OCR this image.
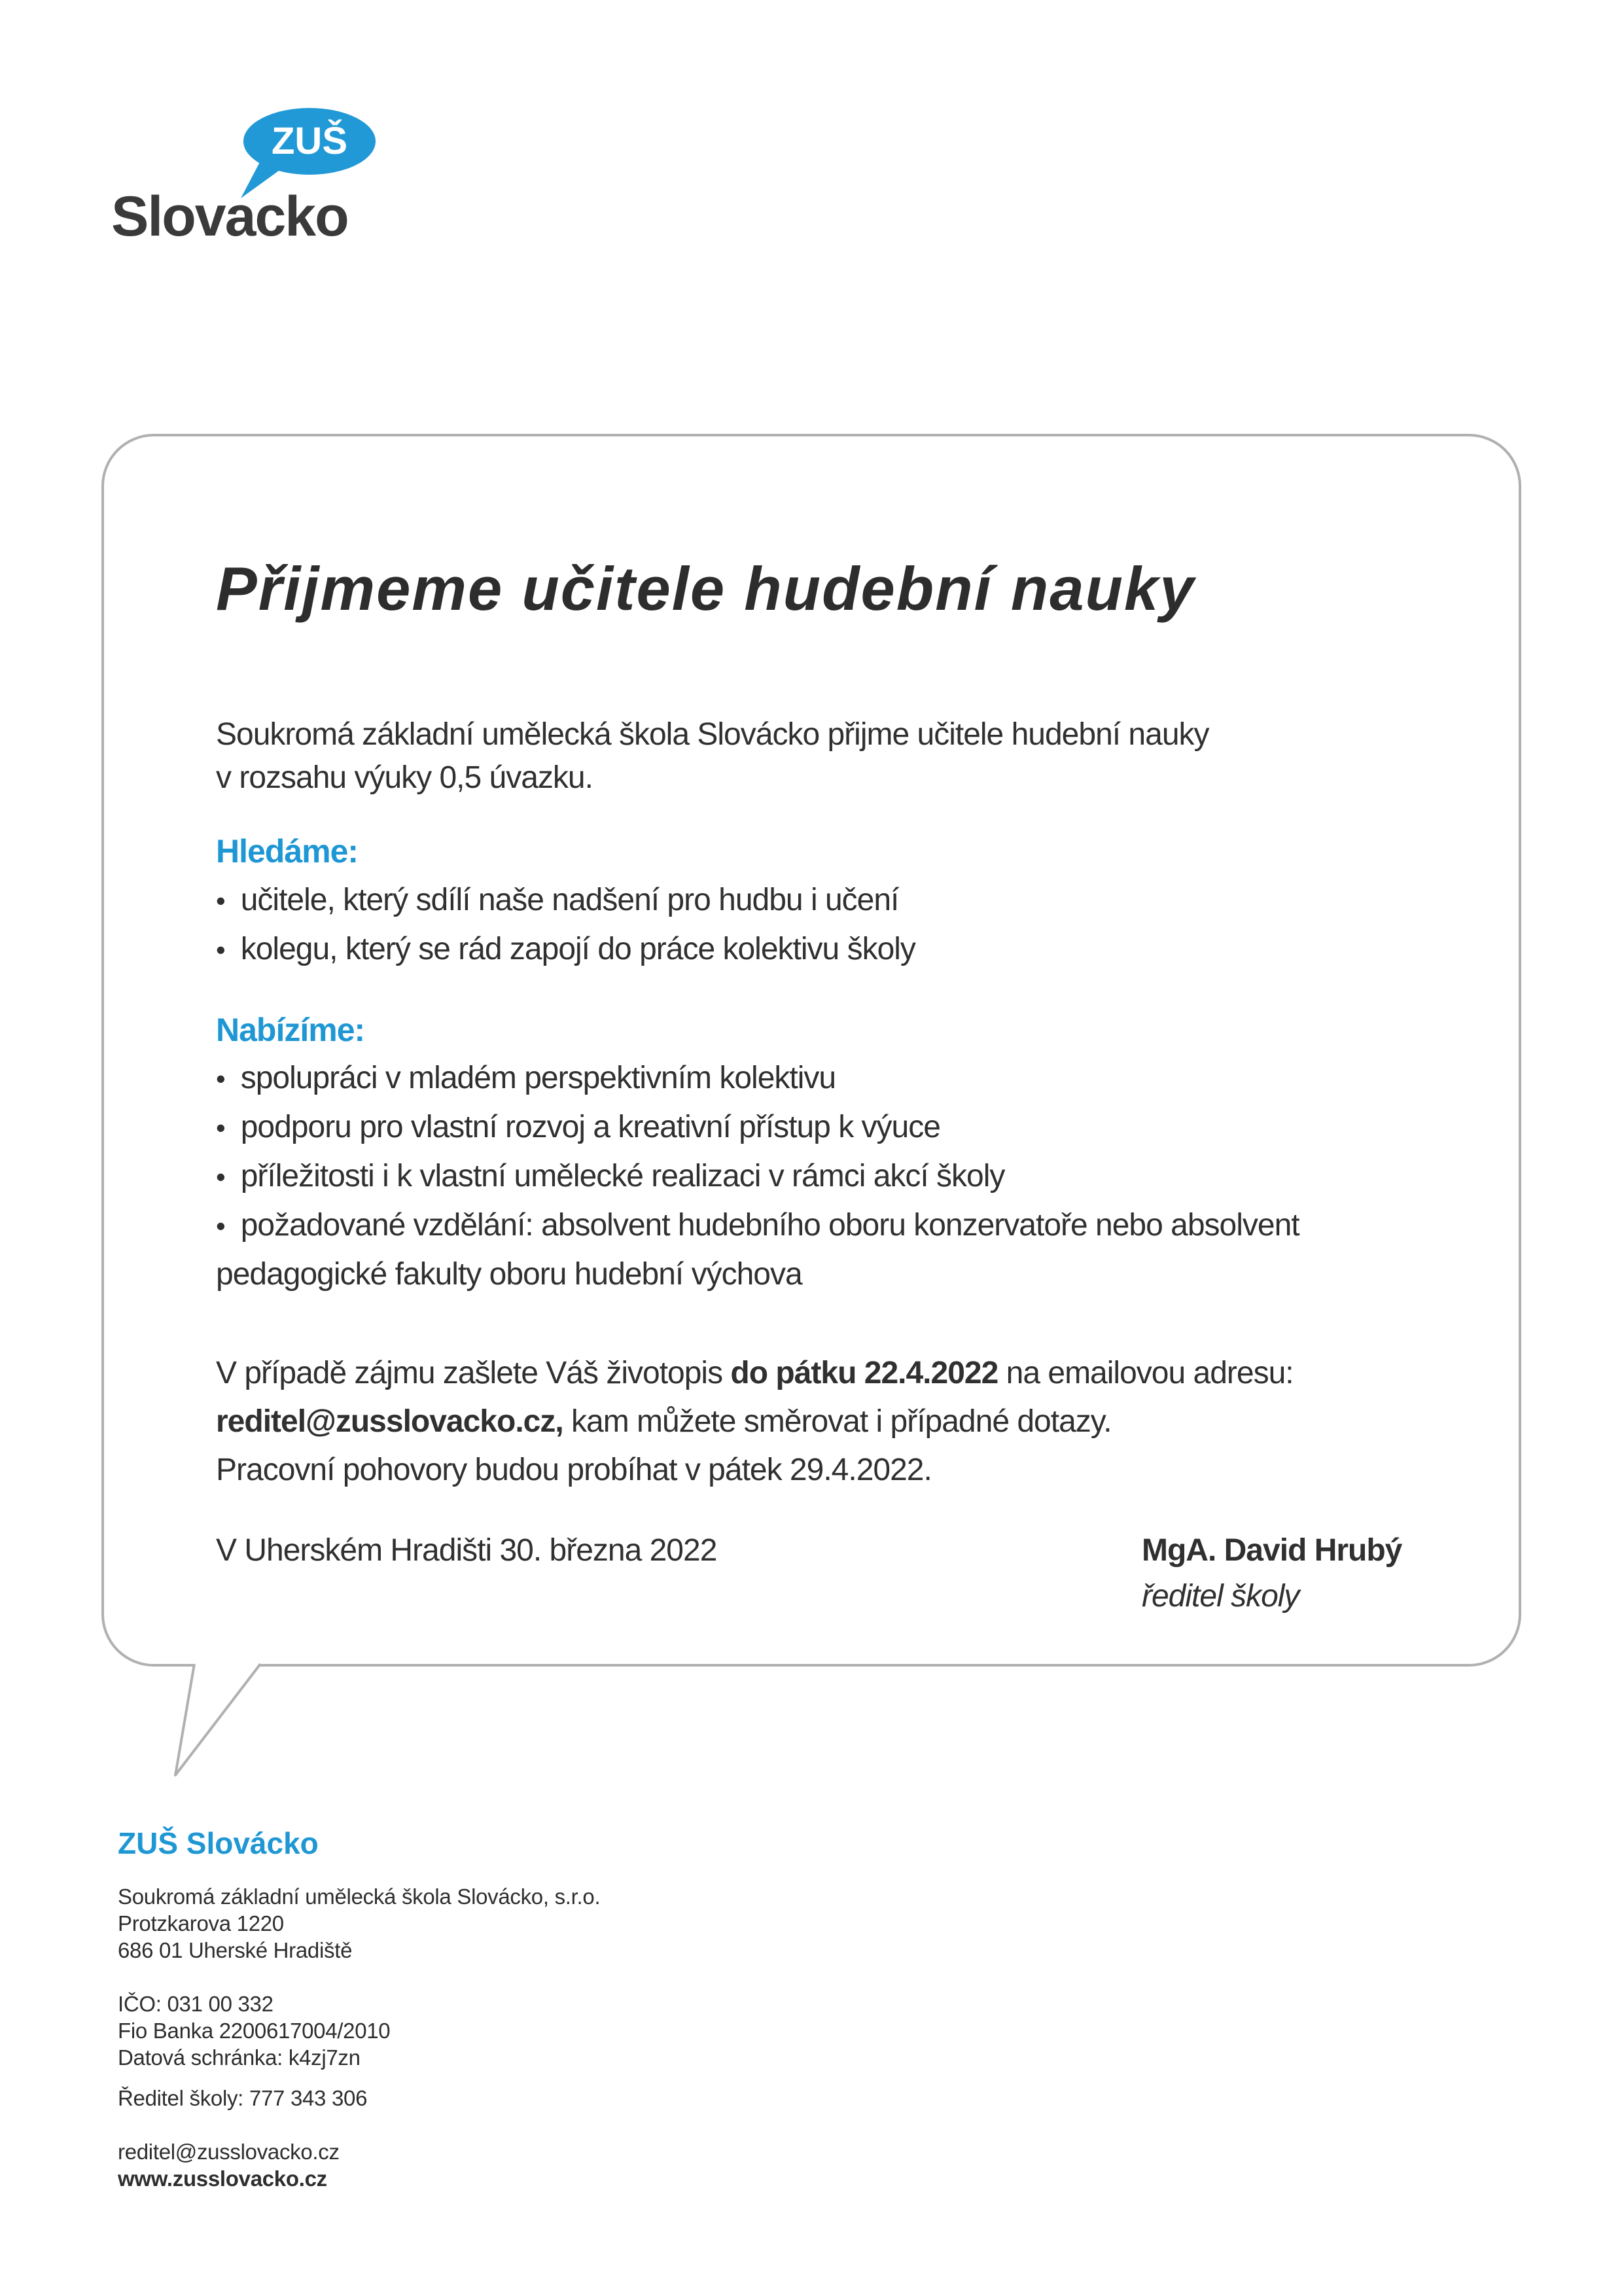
ZUŠ
Slovacko
Přijmeme učitele hudební nauky
Soukromá základní umělecká škola Slovácko přijme učitele hudební nauky
v rozsahu výuky 0,5 úvazku.
Hledáme:
• učitele, který sdílí naše nadšení pro hudbu i učení
• kolegu, který se rád zapojí do práce kolektivu školy
Nabízíme:
• spolupráci v mladém perspektivním kolektivu
• podporu pro vlastní rozvoj a kreativní přístup k výuce
• příležitosti i k vlastní umělecké realizaci v rámci akcí školy
• požadované vzdělání: absolvent hudebního oboru konzervatoře nebo absolvent
pedagogické fakulty oboru hudební výchova
V případě zájmu zašlete Váš životopis do pátku 22.4.2022 na emailovou adresu:
reditel@zusslovacko.cz, kam můžete směrovat i případné dotazy.
Pracovní pohovory budou probíhat v pátek 29.4.2022.
V Uherském Hradišti 30. března 2022	MgA. David Hrubý
ředitel školy
ZUŠ Slovácko
Soukromá základní umělecká škola Slovácko, s.r.o.
Protzkarova 1220
686 01 Uherské Hradiště
IČO: 031 00 332
Fio Banka 2200617004/2010
Datová schránka: k4zj7zn
Ředitel školy: 777 343 306
reditel@zusslovacko.cz
www.zusslovacko.cz
